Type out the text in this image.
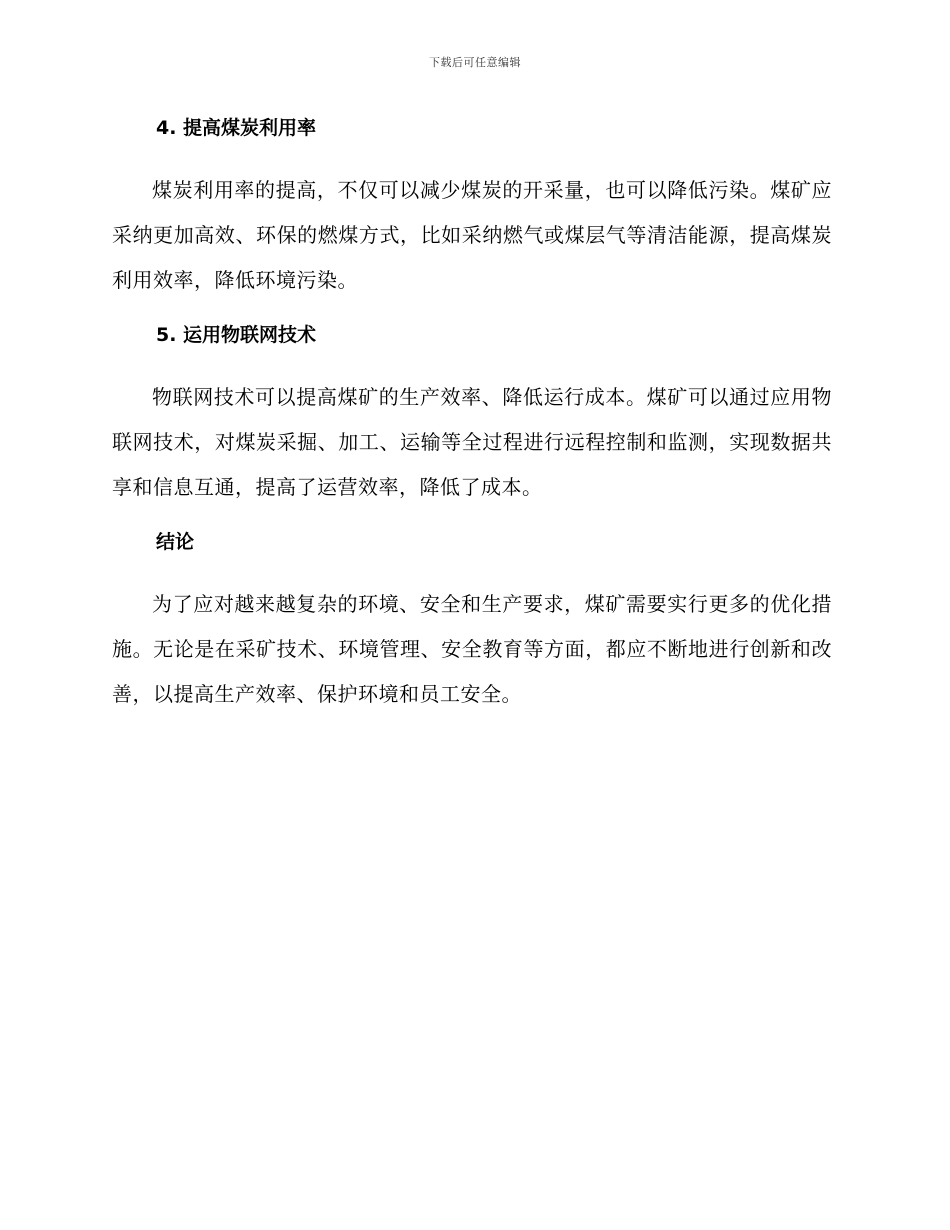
下载后可任意编辑
4. 提高煤炭利用率

煤炭利用率的提高，不仅可以减少煤炭的开采量，也可以降低污染。煤矿应采纳更加高效、环保的燃煤方式，比如采纳燃气或煤层气等清洁能源，提高煤炭利用效率，降低环境污染。

5. 运用物联网技术

物联网技术可以提高煤矿的生产效率、降低运行成本。煤矿可以通过应用物联网技术，对煤炭采掘、加工、运输等全过程进行远程控制和监测，实现数据共享和信息互通，提高了运营效率，降低了成本。

结论

为了应对越来越复杂的环境、安全和生产要求，煤矿需要实行更多的优化措施。无论是在采矿技术、环境管理、安全教育等方面，都应不断地进行创新和改善，以提高生产效率、保护环境和员工安全。
